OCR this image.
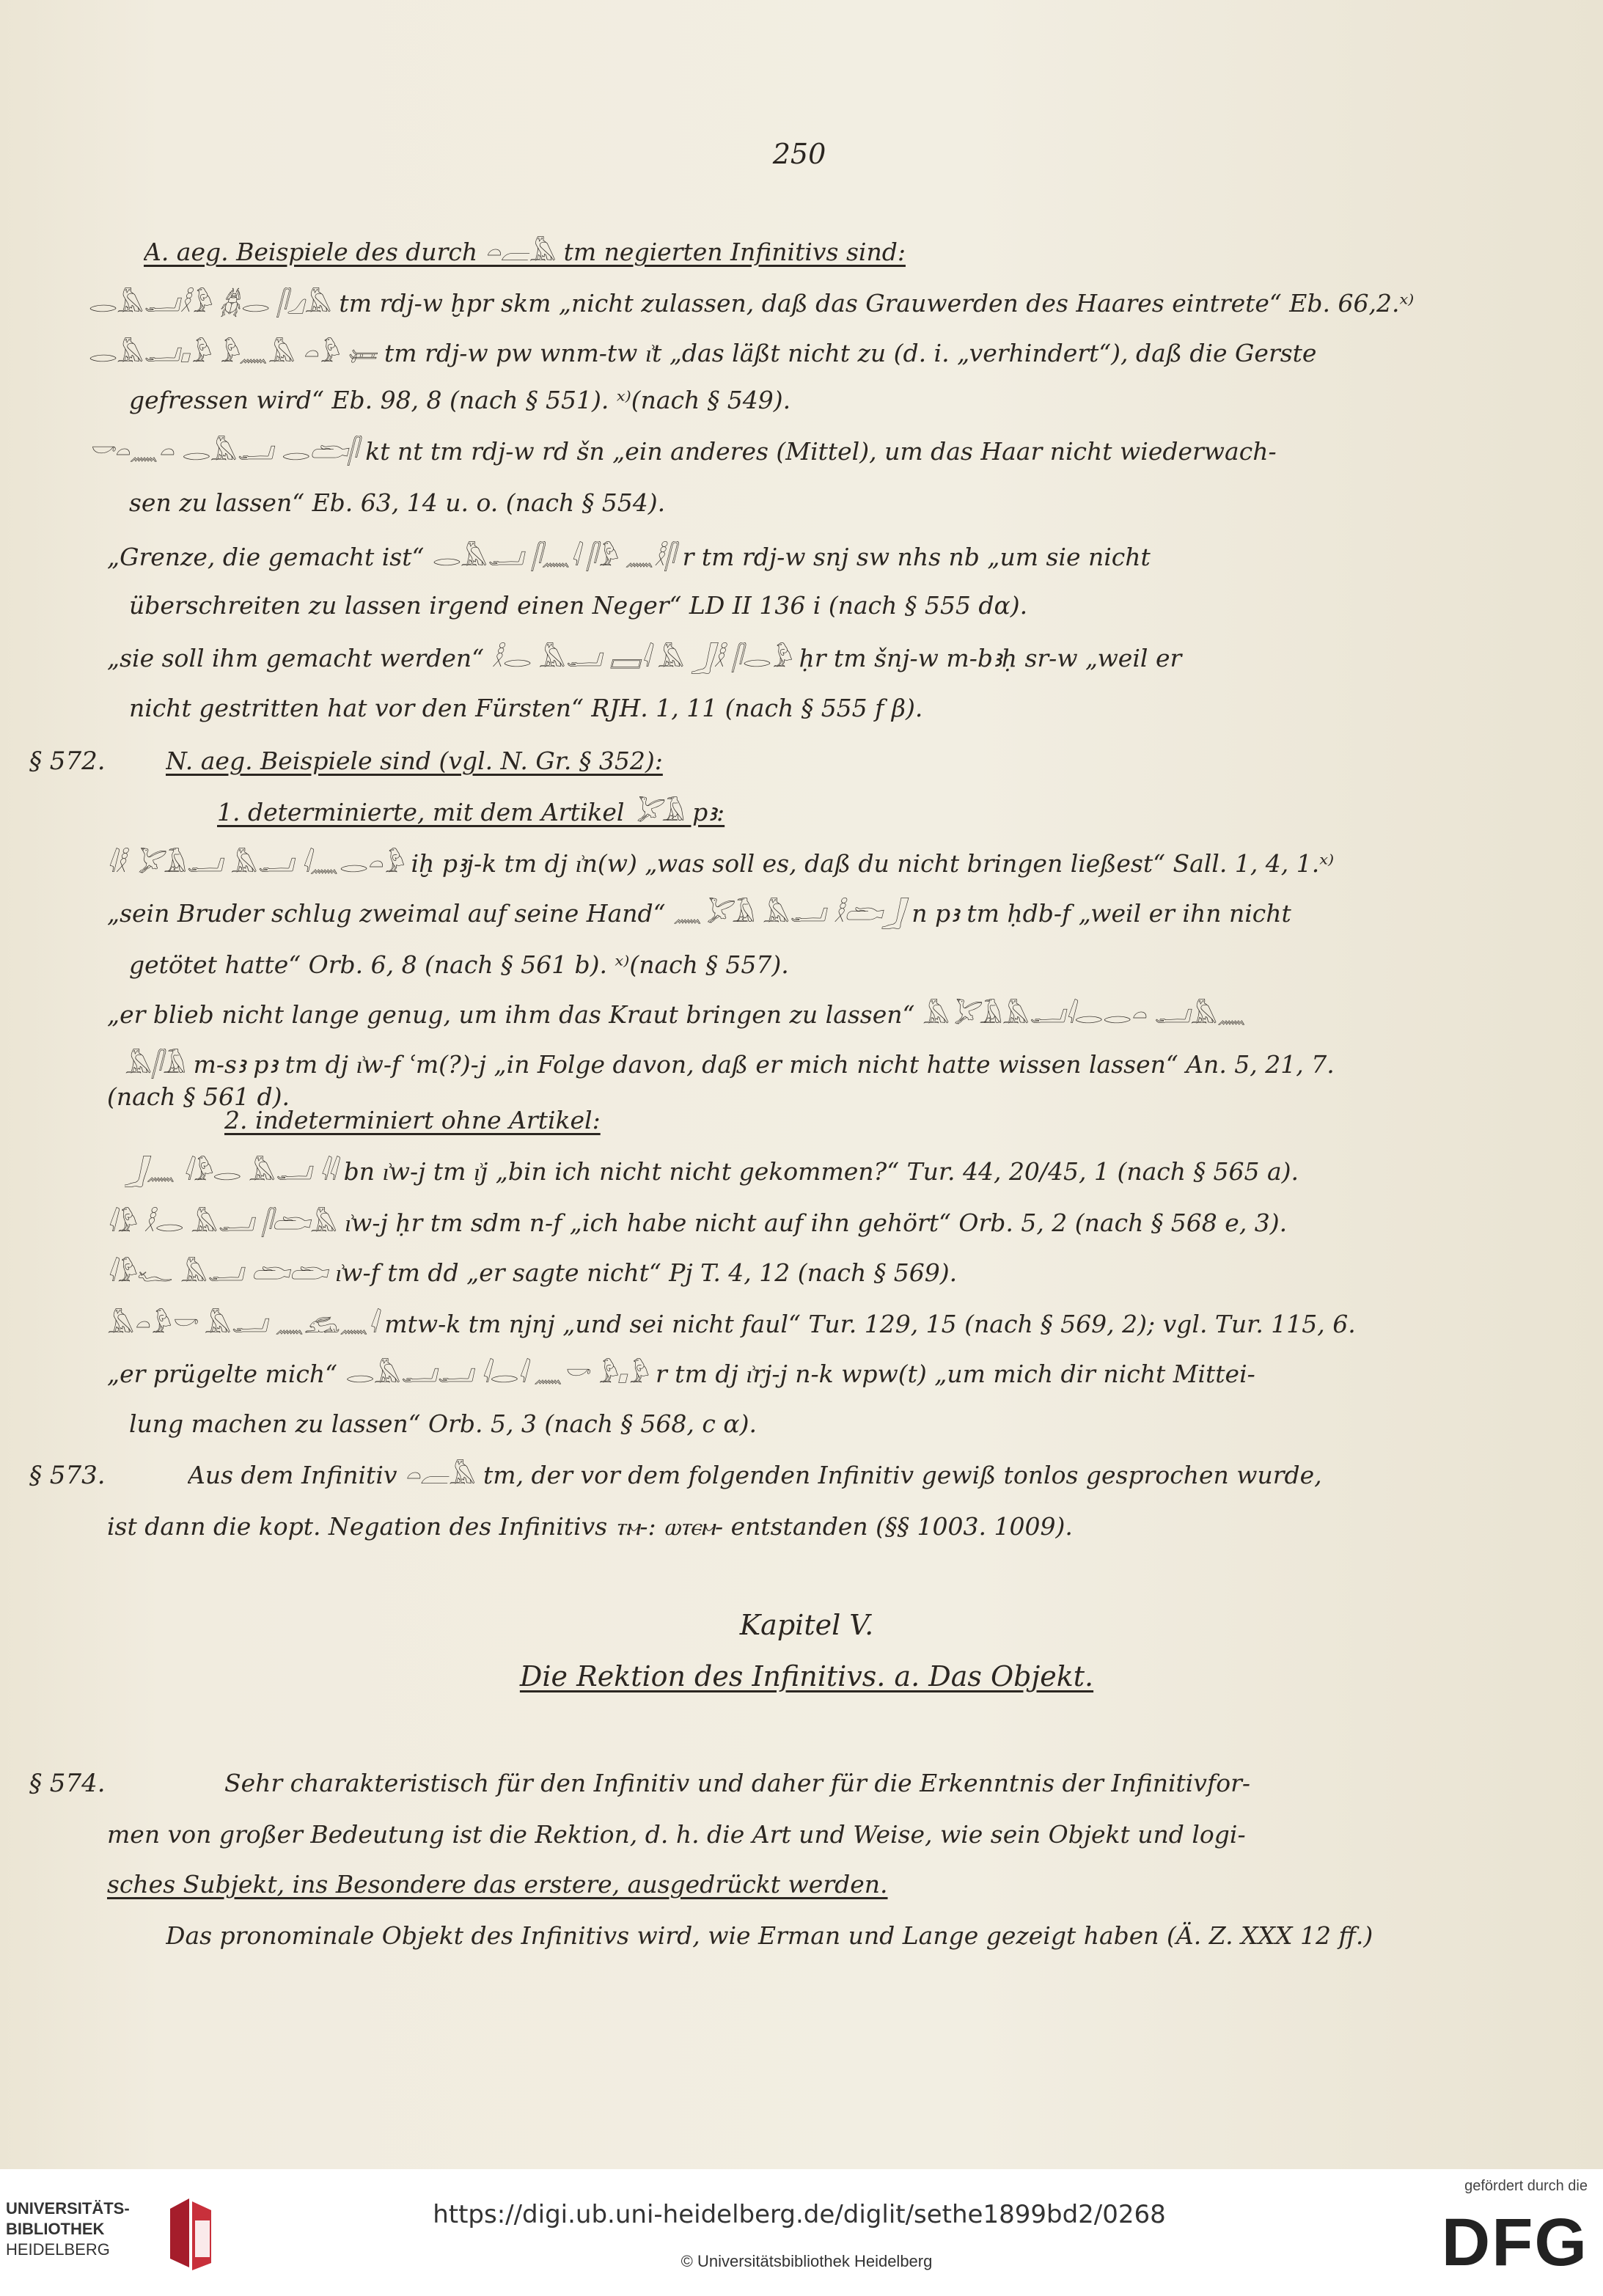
250
A. aeg. Beispiele des durch 𓏏𓐝𓅓 tm negierten Infinitivs sind:
𓂋𓅓𓂝𓎛𓅱 𓆣𓂋 𓋴𓈎𓅓 tm rdj-w ḫpr skm „nicht zulassen, daß das Grauwerden des Haares eintrete“ Eb. 66,2.ˣ⁾
𓂋𓅓𓂝𓊪𓅱 𓅱𓈖𓅓 𓏏𓅱 𓍃 tm rdj-w pw wnm-tw ı͗t „das läßt nicht zu (d. i. „verhindert“), daß die Gerste
gefressen wird“ Eb. 98, 8 (nach § 551). ˣ⁾(nach § 549).
𓎡𓏏𓈖𓏏 𓂋𓅓𓂝 𓂋𓂧𓋴 kt nt tm rdj-w rd šn „ein anderes (Mittel), um das Haar nicht wiederwach-
sen zu lassen“ Eb. 63, 14 u. o. (nach § 554).
„Grenze, die gemacht ist“ 𓂋𓅓𓂝 𓋴𓈖𓇋 𓋴𓅱 𓈖𓎛𓋴 r tm rdj-w snj sw nhs nb „um sie nicht
überschreiten zu lassen irgend einen Neger“ LD II 136 i (nach § 555 dα).
„sie soll ihm gemacht werden“ 𓎛𓂋 𓅓𓂝 𓈙𓇋 𓅓 𓃀𓎛 𓋴𓂋𓅱 ḥr tm šnj-w m-bꜣḥ sr-w „weil er
nicht gestritten hat vor den Fürsten“ RJH. 1, 11 (nach § 555 f β).
§ 572.	N. aeg. Beispiele sind (vgl. N. Gr. § 352):
1. determinierte, mit dem Artikel 𓅯𓄿 pꜣ:
𓇋𓎛 𓅯𓄿𓂝 𓅓𓂝 𓇋𓈖𓂋𓏏𓅱 iḫ pꜣj-k tm dj ı͗n(w) „was soll es, daß du nicht bringen ließest“ Sall. 1, 4, 1.ˣ⁾
„sein Bruder schlug zweimal auf seine Hand“ 𓈖𓅯𓄿 𓅓𓂝 𓎛𓂧𓃀 n pꜣ tm ḥdb-f „weil er ihn nicht
getötet hatte“ Orb. 6, 8 (nach § 561 b). ˣ⁾(nach § 557).
„er blieb nicht lange genug, um ihm das Kraut bringen zu lassen“ 𓅓𓅯𓄿𓅓𓂝𓇋𓂋𓂋𓏏 𓂝𓅓𓈖
𓅓𓋴𓄿 m-sꜣ pꜣ tm dj ı͗w-f ʿm(?)-j „in Folge davon, daß er mich nicht hatte wissen lassen“ An. 5, 21, 7.
(nach § 561 d).
2. indeterminiert ohne Artikel:
𓃀𓈖 𓇋𓅱𓂋 𓅓𓂝 𓇋𓇋 bn ı͗w-j tm ı͗j „bin ich nicht nicht gekommen?“ Tur. 44, 20/45, 1 (nach § 565 a).
𓇋𓅱 𓎛𓂋 𓅓𓂝 𓋴𓂧𓅓 ı͗w-j ḥr tm sdm n-f „ich habe nicht auf ihn gehört“ Orb. 5, 2 (nach § 568 e, 3).
𓇋𓅱𓆑 𓅓𓂝 𓂧𓂧 ı͗w-f tm dd „er sagte nicht“ Pj T. 4, 12 (nach § 569).
𓅓𓏏𓅱𓎡 𓅓𓂝 𓈖𓃹𓈖𓇋 mtw-k tm njnj „und sei nicht faul“ Tur. 129, 15 (nach § 569, 2); vgl. Tur. 115, 6.
„er prügelte mich“ 𓂋𓅓𓂝𓂝 𓇋𓂋𓇋 𓈖𓎡 𓅱𓊪𓅱 r tm dj ı͗rj-j n-k wpw(t) „um mich dir nicht Mittei-
lung machen zu lassen“ Orb. 5, 3 (nach § 568, c α).
§ 573.	Aus dem Infinitiv 𓏏𓐝𓅓 tm, der vor dem folgenden Infinitiv gewiß tonlos gesprochen wurde,
ist dann die kopt. Negation des Infinitivs ⲧⲙ-: ⲱⲧⲉⲙ- entstanden (§§ 1003. 1009).
Kapitel V.
Die Rektion des Infinitivs. a. Das Objekt.
§ 574.	Sehr charakteristisch für den Infinitiv und daher für die Erkenntnis der Infinitivfor-
men von großer Bedeutung ist die Rektion, d. h. die Art und Weise, wie sein Objekt und logi-
sches Subjekt, ins Besondere das erstere, ausgedrückt werden.
Das pronominale Objekt des Infinitivs wird, wie Erman und Lange gezeigt haben (Ä. Z. XXX 12 ff.)
UNIVERSITÄTS-
BIBLIOTHEK
HEIDELBERG
https://digi.ub.uni-heidelberg.de/diglit/sethe1899bd2/0268
© Universitätsbibliothek Heidelberg
gefördert durch die
DFG
